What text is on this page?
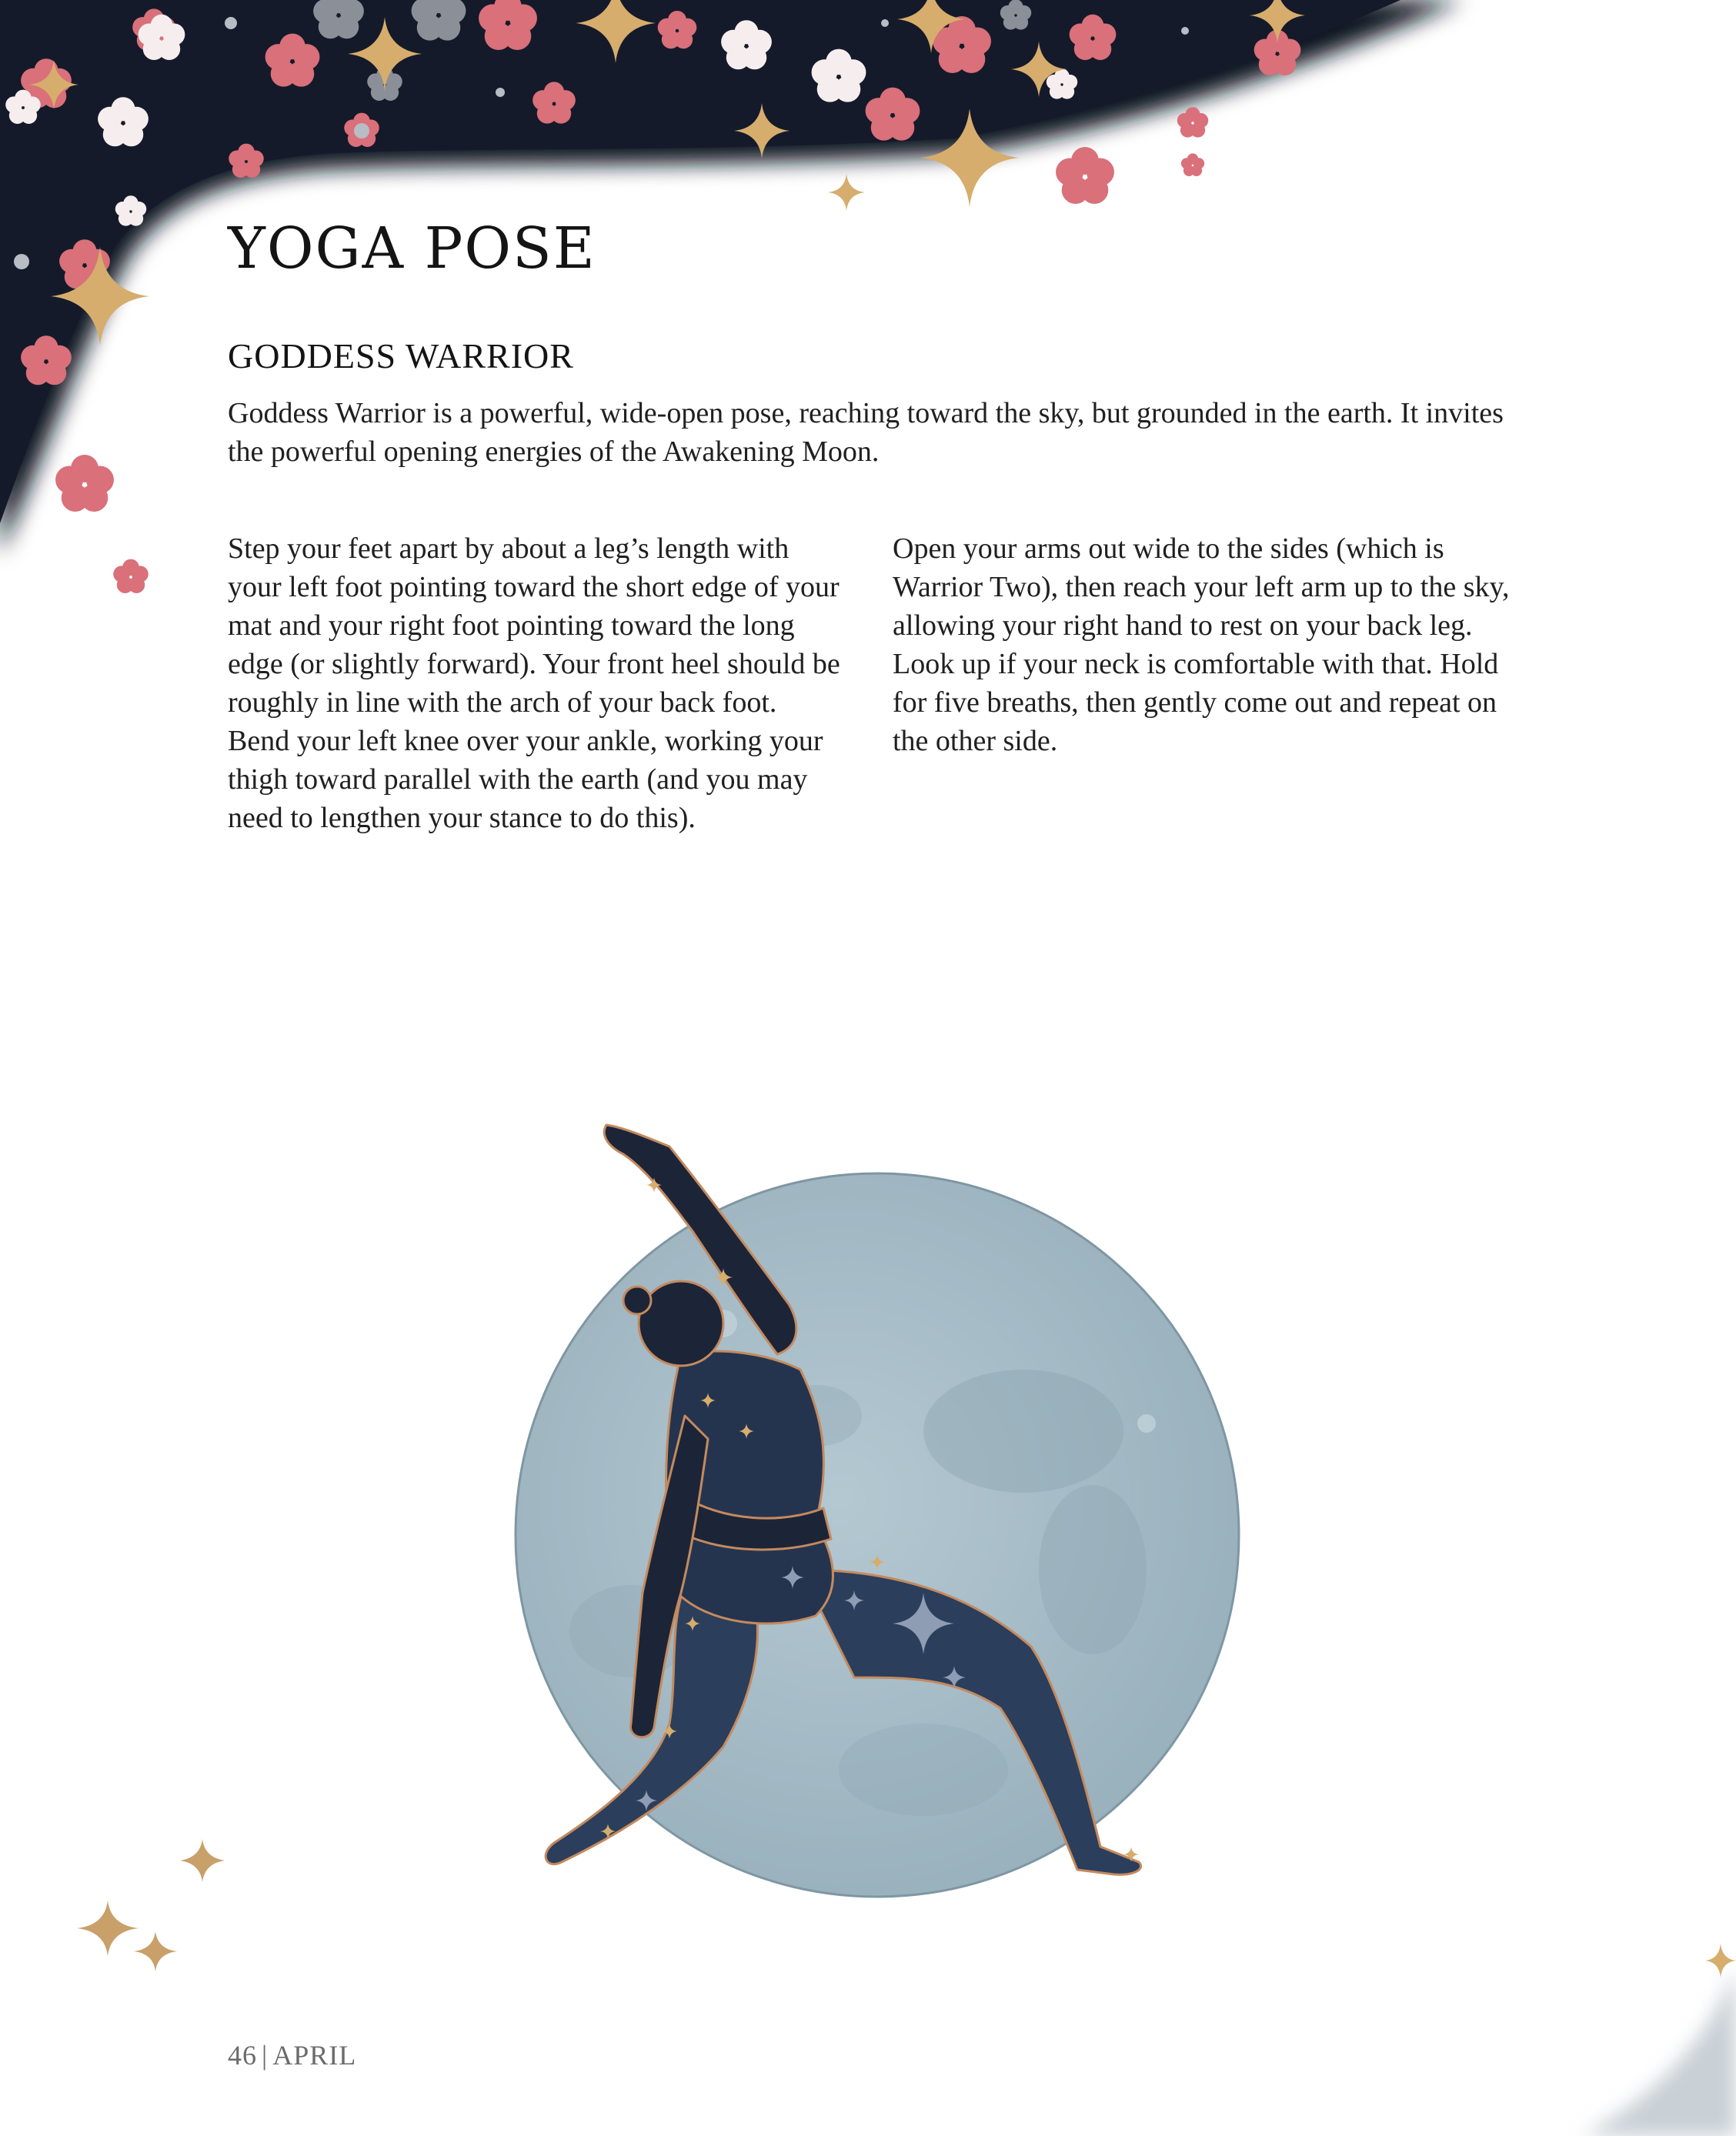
YOGA POSE
GODDESS WARRIOR

Goddess Warrior is a powerful, wide-open pose, reaching toward the sky, but grounded in the earth. It invites the powerful opening energies of the Awakening Moon.

Step your feet apart by about a leg’s length with your left foot pointing toward the short edge of your mat and your right foot pointing toward the long edge (or slightly forward). Your front heel should be roughly in line with the arch of your back foot. Bend your left knee over your ankle, working your thigh toward parallel with the earth (and you may need to lengthen your stance to do this).

Open your arms out wide to the sides (which is Warrior Two), then reach your left arm up to the sky, allowing your right hand to rest on your back leg. Look up if your neck is comfortable with that. Hold for five breaths, then gently come out and repeat on the other side.

46 | APRIL
